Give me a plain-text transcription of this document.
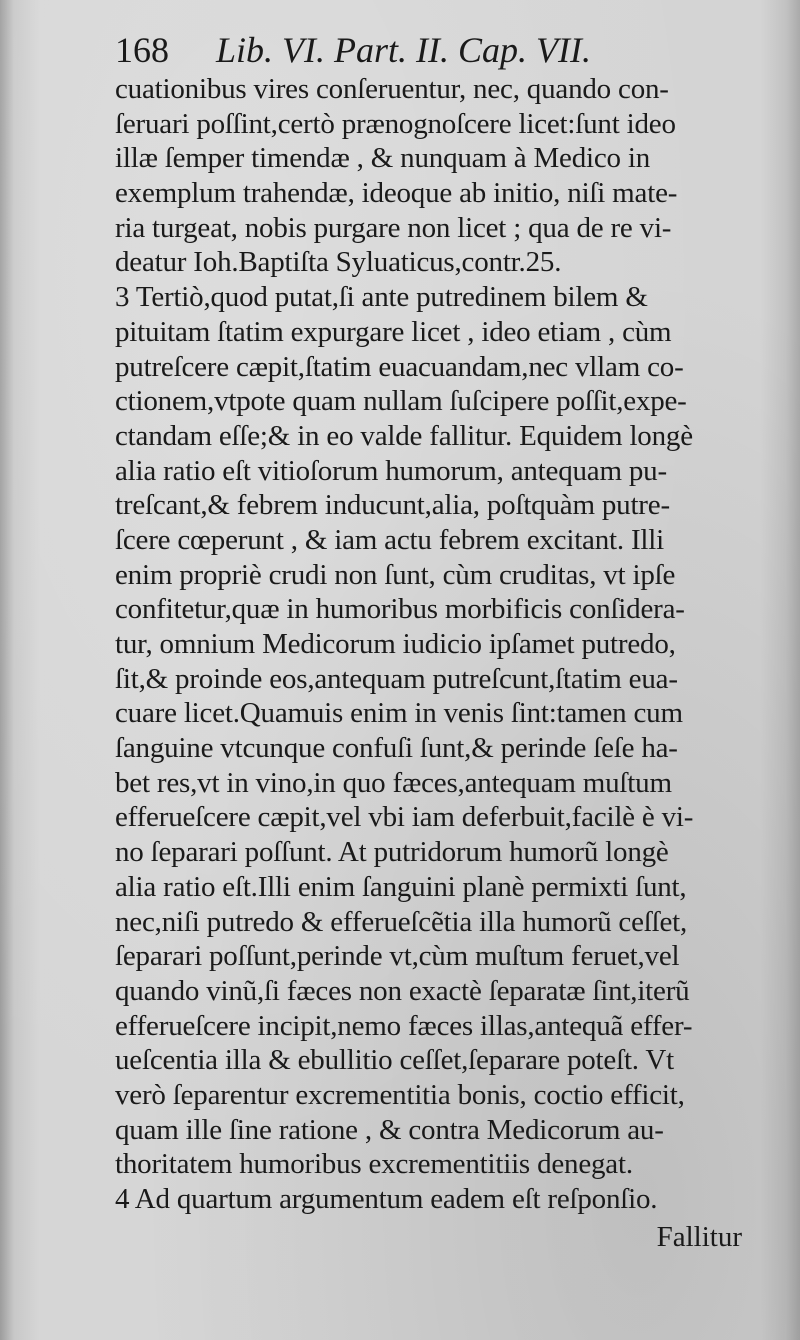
168 Lib. VI. Part. II. Cap. VII.
cuationibus vires conſeruentur, nec, quando con-
ſeruari poſſint,certò prænognoſcere licet:ſunt ideo
illæ ſemper timendæ , & nunquam à Medico in
exemplum trahendæ, ideoque ab initio, niſi mate-
ria turgeat, nobis purgare non licet ; qua de re vi-
deatur Ioh.Baptiſta Syluaticus,contr.25.
3 Tertiò,quod putat,ſi ante putredinem bilem &
pituitam ſtatim expurgare licet , ideo etiam , cùm
putreſcere cæpit,ſtatim euacuandam,nec vllam co-
ctionem,vtpote quam nullam ſuſcipere poſſit,expe-
ctandam eſſe;& in eo valde fallitur. Equidem longè
alia ratio eſt vitioſorum humorum, antequam pu-
treſcant,& febrem inducunt,alia, poſtquàm putre-
ſcere cœperunt , & iam actu febrem excitant. Illi
enim propriè crudi non ſunt, cùm cruditas, vt ipſe
confitetur,quæ in humoribus morbificis conſidera-
tur, omnium Medicorum iudicio ipſamet putredo,
ſit,& proinde eos,antequam putreſcunt,ſtatim eua-
cuare licet.Quamuis enim in venis ſint:tamen cum
ſanguine vtcunque confuſi ſunt,& perinde ſeſe ha-
bet res,vt in vino,in quo fæces,antequam muſtum
efferueſcere cæpit,vel vbi iam deferbuit,facilè è vi-
no ſeparari poſſunt. At putridorum humorũ longè
alia ratio eſt.Illi enim ſanguini planè permixti ſunt,
nec,niſi putredo & efferueſcẽtia illa humorũ ceſſet,
ſeparari poſſunt,perinde vt,cùm muſtum feruet,vel
quando vinũ,ſi fæces non exactè ſeparatæ ſint,iterũ
efferueſcere incipit,nemo fæces illas,antequã effer-
ueſcentia illa & ebullitio ceſſet,ſeparare poteſt. Vt
verò ſeparentur excrementitia bonis, coctio efficit,
quam ille ſine ratione , & contra Medicorum au-
thoritatem humoribus excrementitiis denegat.
4 Ad quartum argumentum eadem eſt reſponſio.
Fallitur
